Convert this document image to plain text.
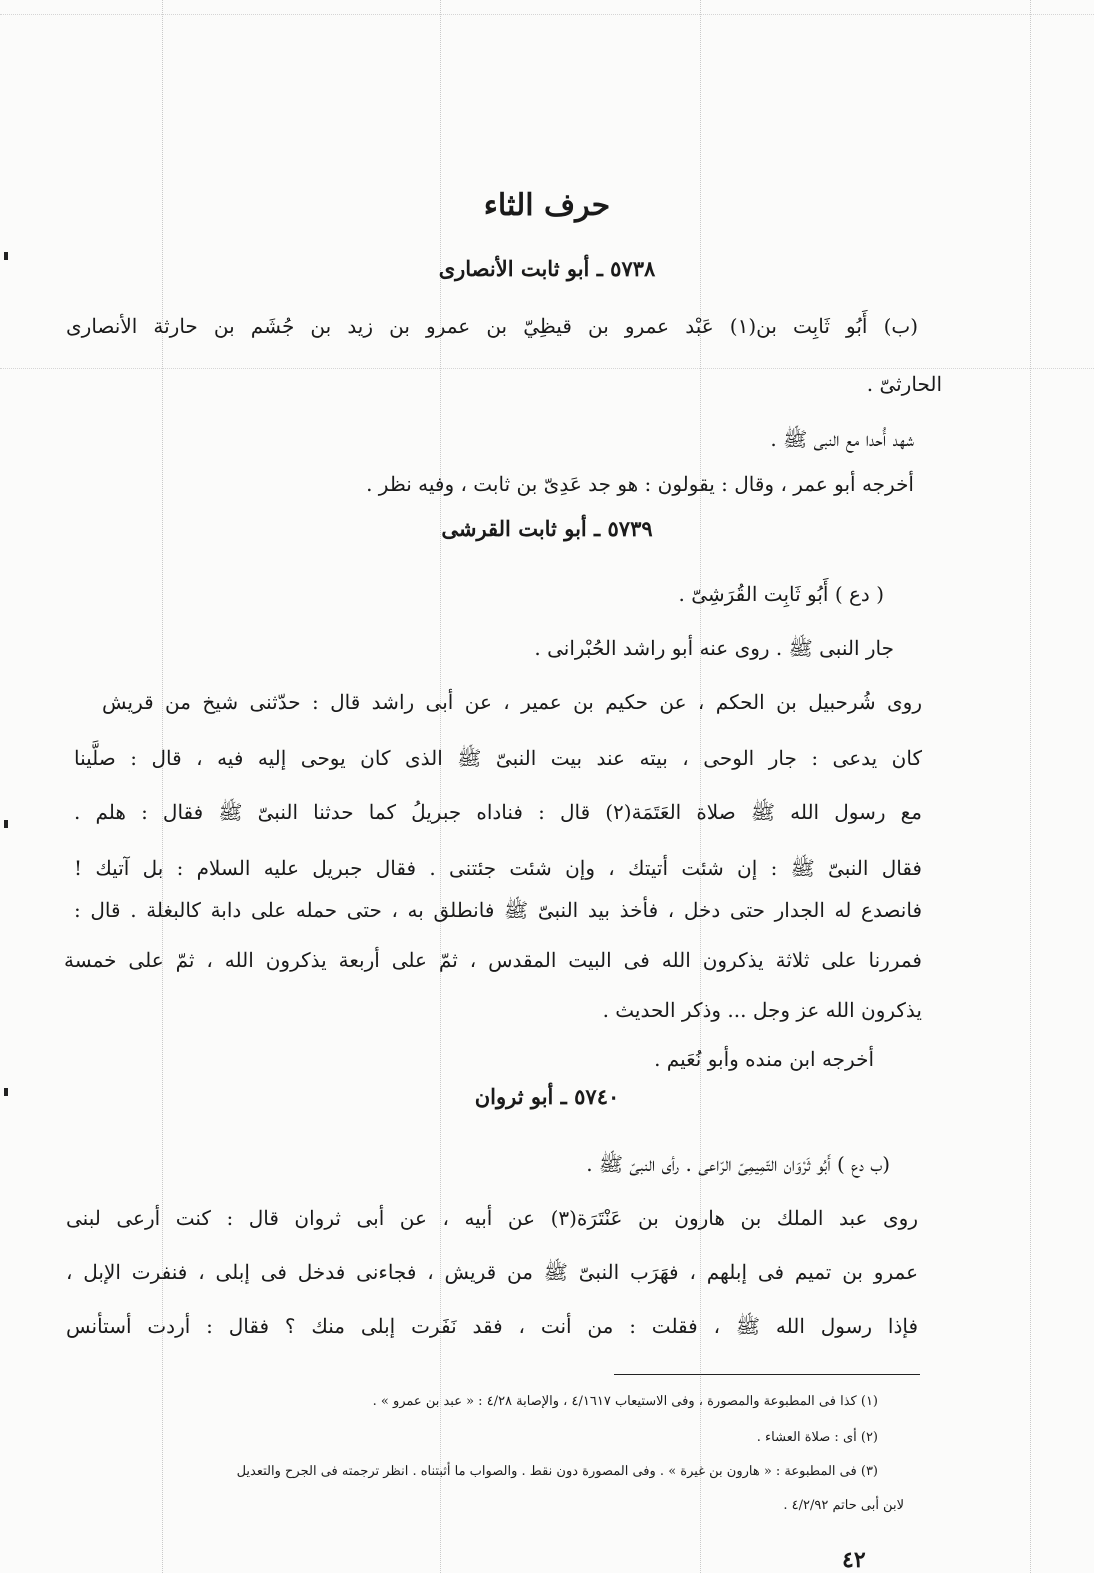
حرف الثاء
٥٧٣٨ ـ أبو ثابت الأنصارى
(ب) أَبُو ثَابِت بن(١) عَبْد عمرو بن قيظِيّ بن عمرو بن زيد بن جُشَم بن حارثة الأنصارى
الحارثىّ .
شهد أُحدا مع النبى ﷺ .
أخرجه أبو عمر ، وقال : يقولون : هو جد عَدِىّ بن ثابت ، وفيه نظر .
٥٧٣٩ ـ أبو ثابت القرشى
( دع ) أَبُو ثَابِت القُرَشِىّ .
جار النبى ﷺ . روى عنه أبو راشد الحُبْرانى .
روى شُرحبيل بن الحكم ، عن حكيم بن عمير ، عن أبى راشد قال : حدّثنى شيخ من قريش
كان يدعى : جار الوحى ، بيته عند بيت النبىّ ﷺ الذى كان يوحى إليه فيه ، قال : صلَّينا
مع رسول الله ﷺ صلاة العَتَمَة(٢) قال : فناداه جبريلُ كما حدثنا النبىّ ﷺ فقال : هلم .
فقال النبىّ ﷺ : إن شئت أتيتك ، وإن شئت جئتنى . فقال جبريل عليه السلام : بل آتيك !
فانصدع له الجدار حتى دخل ، فأخذ بيد النبىّ ﷺ فانطلق به ، حتى حمله على دابة كالبغلة . قال :
فمررنا على ثلاثة يذكرون الله فى البيت المقدس ، ثمّ على أربعة يذكرون الله ، ثمّ على خمسة
يذكرون الله عز وجل ... وذكر الحديث .
أخرجه ابن منده وأبو نُعَيم .
٥٧٤٠ ـ أبو ثروان
(ب دع ) أَبُو ثَرْوَان التّمِيمِىّ الرّاعى . رأى النبىّ ﷺ .
روى عبد الملك بن هارون بن عَنْتَرَة(٣) عن أبيه ، عن أبى ثروان قال : كنت أرعى لبنى
عمرو بن تميم فى إبلهم ، فهَرَب النبىّ ﷺ من قريش ، فجاءنى فدخل فى إبلى ، فنفرت الإبل ،
فإذا رسول الله ﷺ ، فقلت : من أنت ، فقد نَفَرت إبلى منك ؟ فقال : أردت أستأنس
(١) كذا فى المطبوعة والمصورة ، وفى الاستيعاب ٤/١٦١٧ ، والإصابة ٤/٢٨ : « عبد بن عمرو » .
(٢) أى : صلاة العشاء .
(٣) فى المطبوعة : « هارون بن غيرة » . وفى المصورة دون نقط . والصواب ما أثبتناه . انظر ترجمته فى الجرح والتعديل
لابن أبى حاتم ٤/٢/٩٢ .
٤٢
